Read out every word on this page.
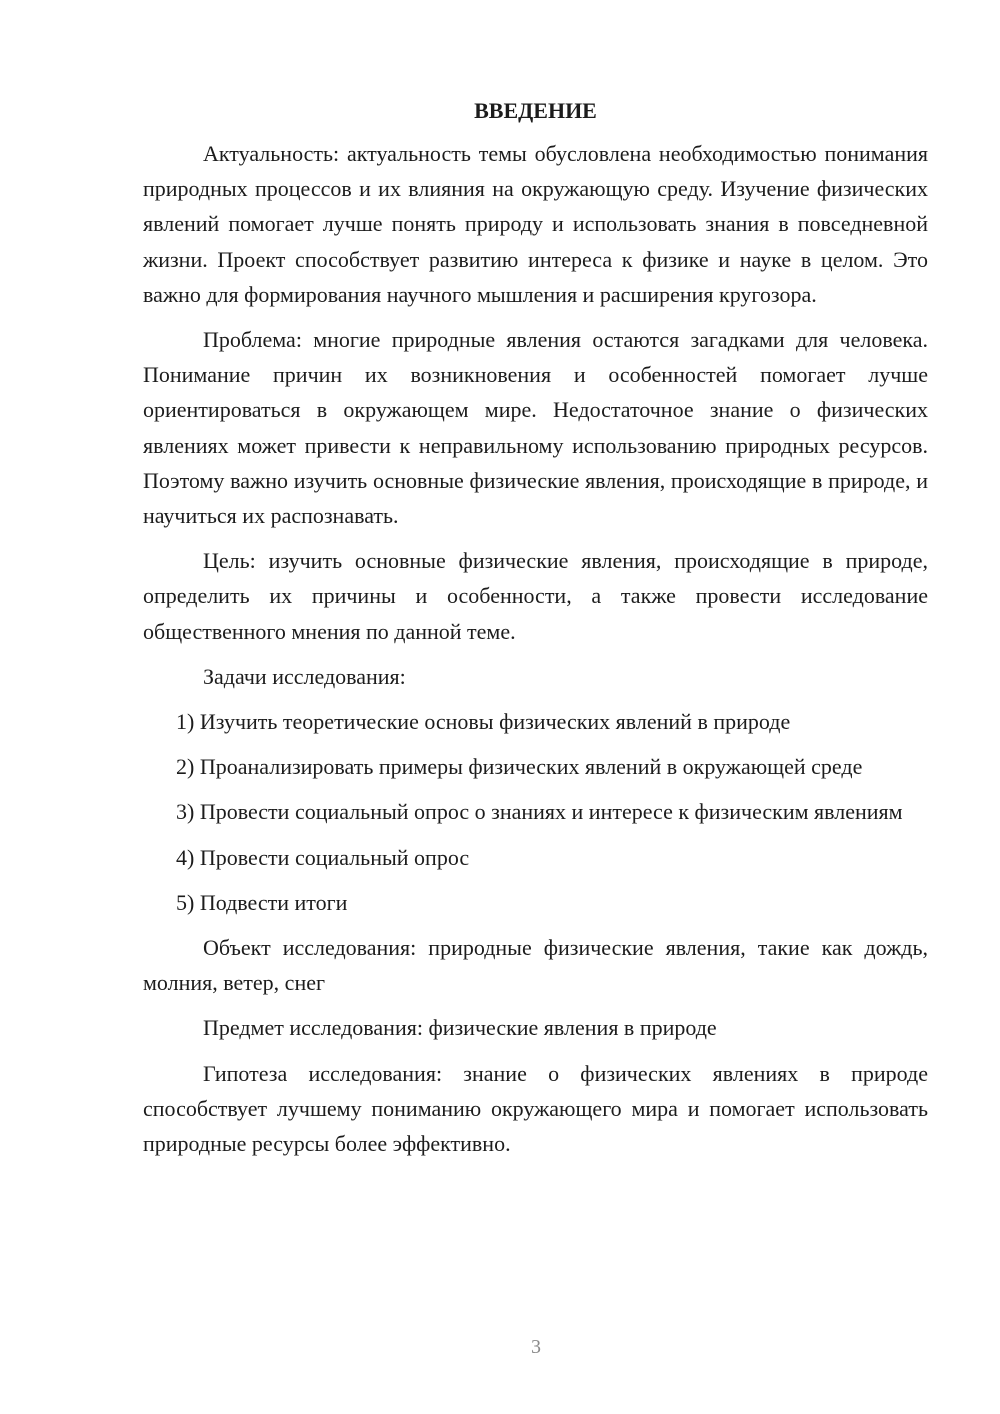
ВВЕДЕНИЕ

Актуальность: актуальность темы обусловлена необходимостью понимания природных процессов и их влияния на окружающую среду. Изучение физических явлений помогает лучше понять природу и использовать знания в повседневной жизни. Проект способствует развитию интереса к физике и науке в целом. Это важно для формирования научного мышления и расширения кругозора.

Проблема: многие природные явления остаются загадками для человека. Понимание причин их возникновения и особенностей помогает лучше ориентироваться в окружающем мире. Недостаточное знание о физических явлениях может привести к неправильному использованию природных ресурсов. Поэтому важно изучить основные физические явления, происходящие в природе, и научиться их распознавать.

Цель: изучить основные физические явления, происходящие в природе, определить их причины и особенности, а также провести исследование общественного мнения по данной теме.

Задачи исследования:

1) Изучить теоретические основы физических явлений в природе

2) Проанализировать примеры физических явлений в окружающей среде

3) Провести социальный опрос о знаниях и интересе к физическим явлениям

4) Провести социальный опрос

5) Подвести итоги

Объект исследования: природные физические явления, такие как дождь, молния, ветер, снег

Предмет исследования: физические явления в природе

Гипотеза исследования: знание о физических явлениях в природе способствует лучшему пониманию окружающего мира и помогает использовать природные ресурсы более эффективно.

3
